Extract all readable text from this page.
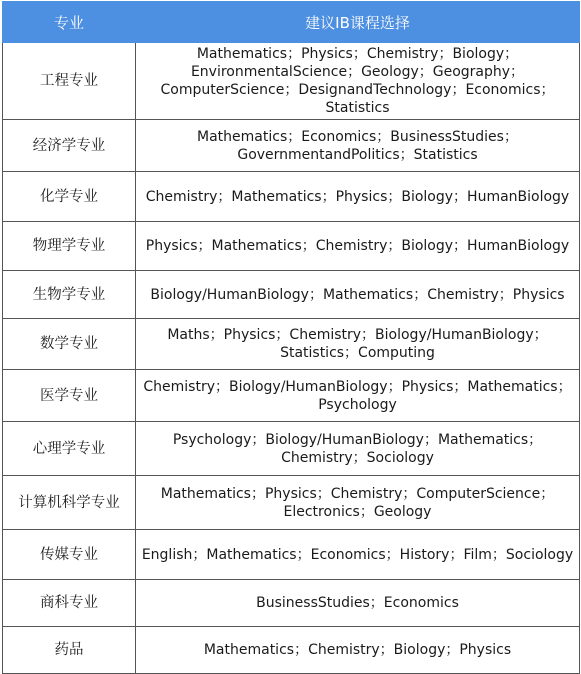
专业	建议IB课程选择
工程专业	Mathematics；Physics；Chemistry；Biology；EnvironmentalScience；Geology；Geography；ComputerScience；DesignandTechnology；Economics；Statistics
经济学专业	Mathematics；Economics；BusinessStudies；GovernmentandPolitics；Statistics
化学专业	Chemistry；Mathematics；Physics；Biology；HumanBiology
物理学专业	Physics；Mathematics；Chemistry；Biology；HumanBiology
生物学专业	Biology/HumanBiology；Mathematics；Chemistry；Physics
数学专业	Maths；Physics；Chemistry；Biology/HumanBiology；Statistics；Computing
医学专业	Chemistry；Biology/HumanBiology；Physics；Mathematics；Psychology
心理学专业	Psychology；Biology/HumanBiology；Mathematics；Chemistry；Sociology
计算机科学专业	Mathematics；Physics；Chemistry；ComputerScience；Electronics；Geology
传媒专业	English；Mathematics；Economics；History；Film；Sociology
商科专业	BusinessStudies；Economics
药品	Mathematics；Chemistry；Biology；Physics
